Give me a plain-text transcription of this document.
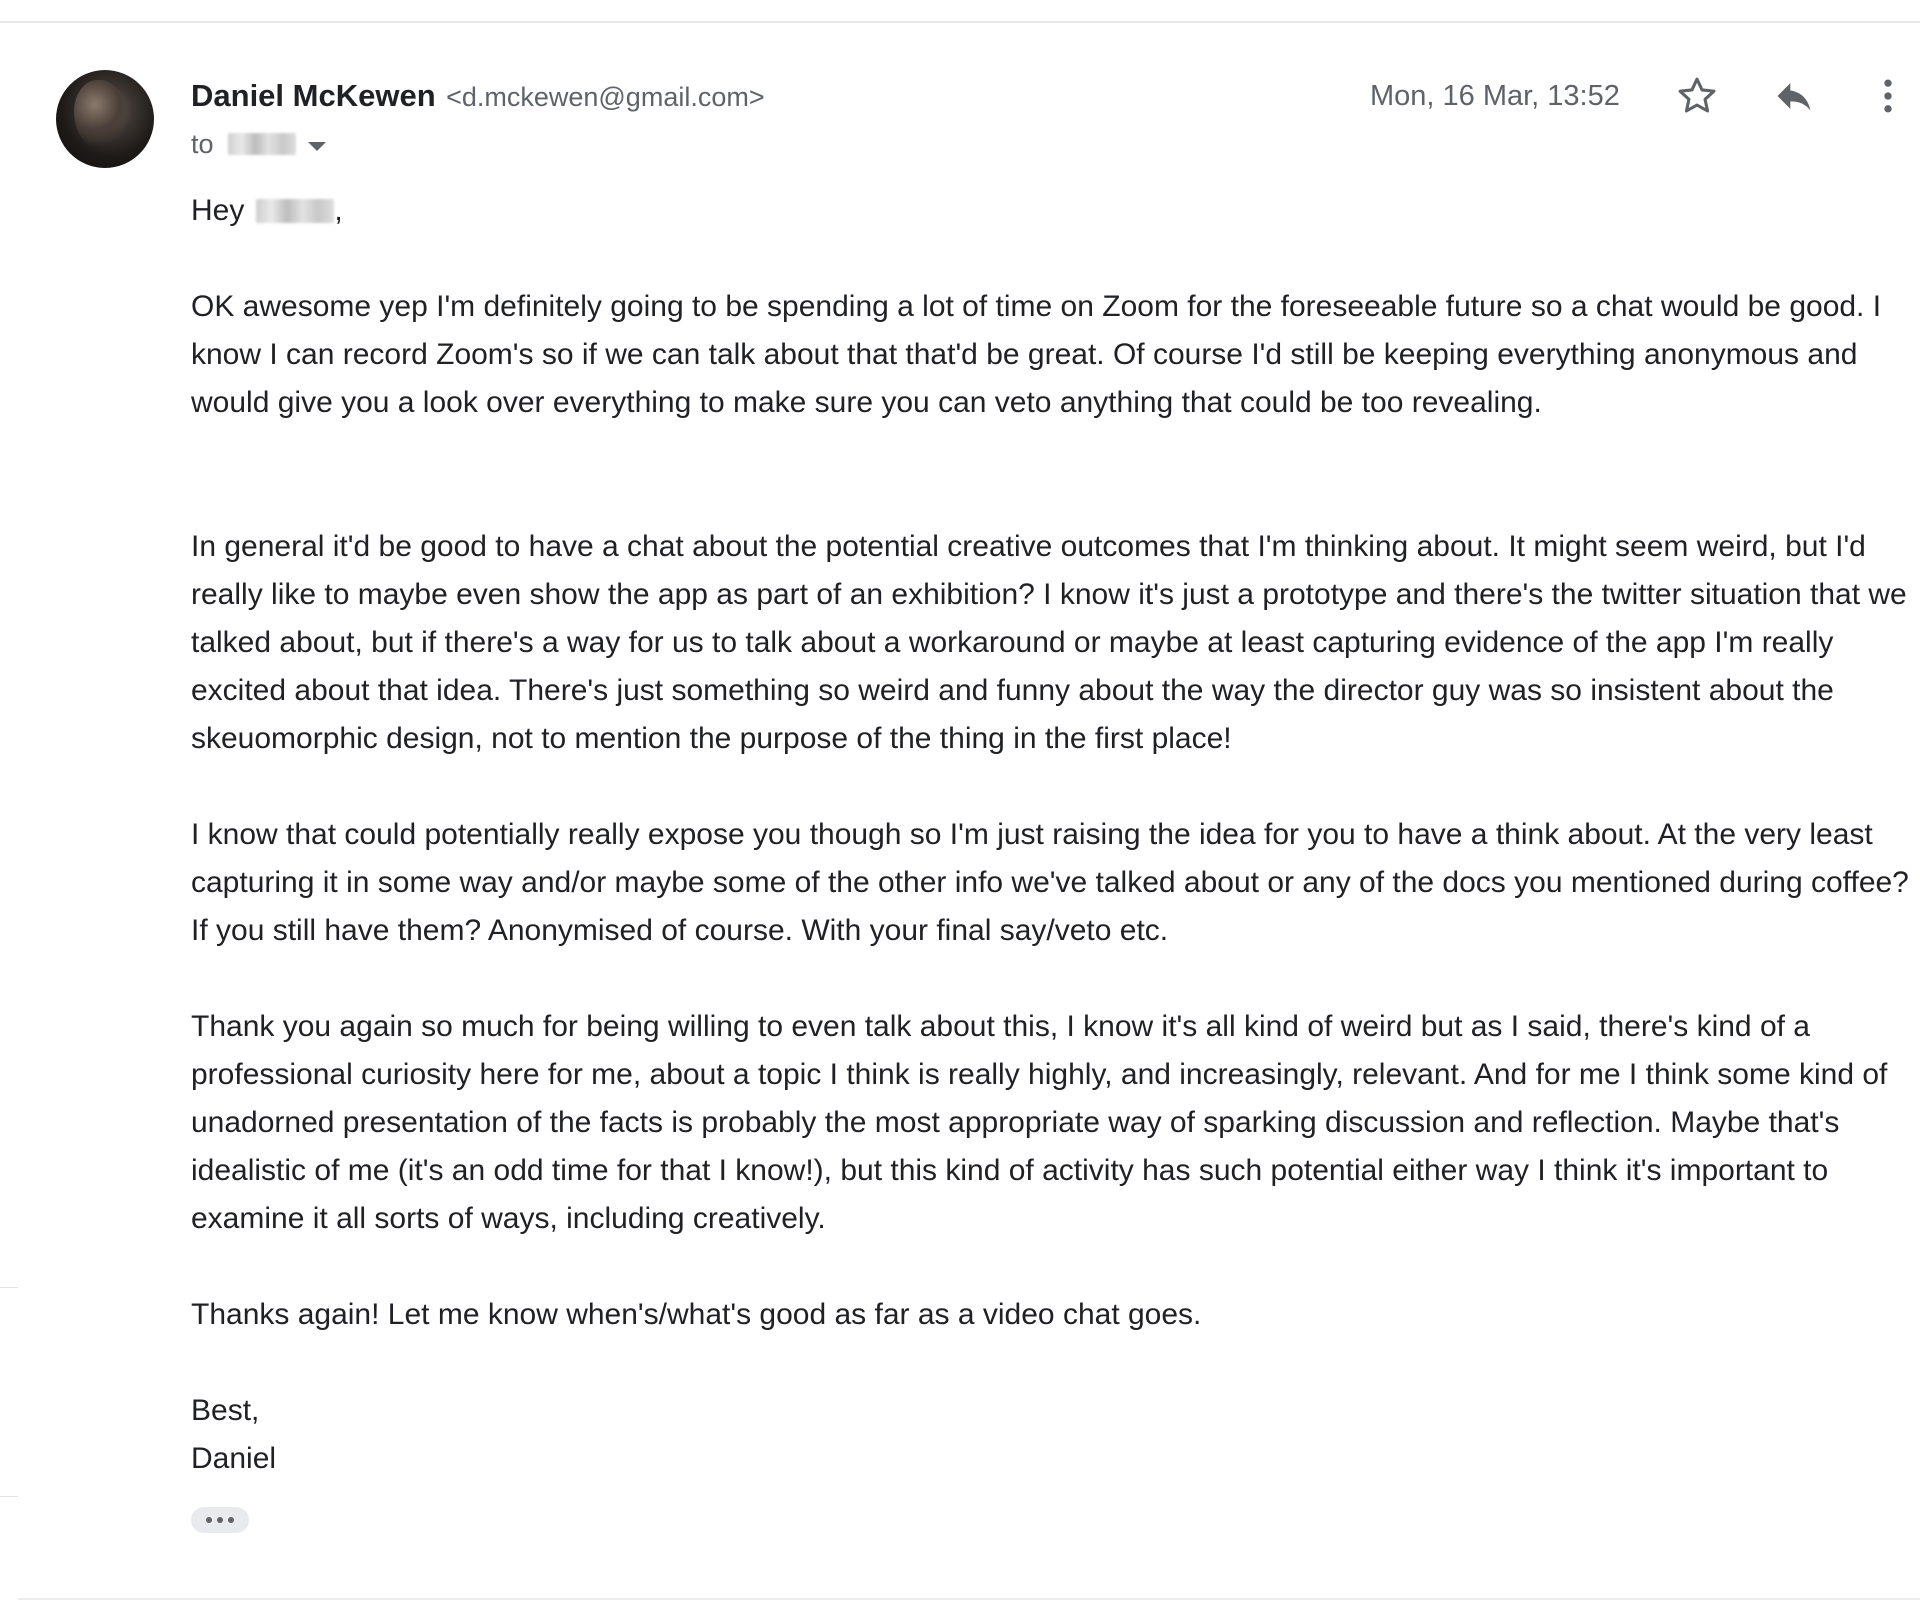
Daniel McKewen <d.mckewen@gmail.com>
to
Mon, 16 Mar, 13:52
Hey	,
OK awesome yep I'm definitely going to be spending a lot of time on Zoom for the foreseeable future so a chat would be good. I know I can record Zoom's so if we can talk about that that'd be great. Of course I'd still be keeping everything anonymous and would give you a look over everything to make sure you can veto anything that could be too revealing.
In general it'd be good to have a chat about the potential creative outcomes that I'm thinking about. It might seem weird, but I'd really like to maybe even show the app as part of an exhibition? I know it's just a prototype and there's the twitter situation that we talked about, but if there's a way for us to talk about a workaround or maybe at least capturing evidence of the app I'm really excited about that idea. There's just something so weird and funny about the way the director guy was so insistent about the skeuomorphic design, not to mention the purpose of the thing in the first place!
I know that could potentially really expose you though so I'm just raising the idea for you to have a think about. At the very least capturing it in some way and/or maybe some of the other info we've talked about or any of the docs you mentioned during coffee? If you still have them? Anonymised of course. With your final say/veto etc.
Thank you again so much for being willing to even talk about this, I know it's all kind of weird but as I said, there's kind of a professional curiosity here for me, about a topic I think is really highly, and increasingly, relevant. And for me I think some kind of unadorned presentation of the facts is probably the most appropriate way of sparking discussion and reflection. Maybe that's idealistic of me (it's an odd time for that I know!), but this kind of activity has such potential either way I think it's important to examine it all sorts of ways, including creatively.
Thanks again! Let me know when's/what's good as far as a video chat goes.
Best,
Daniel
